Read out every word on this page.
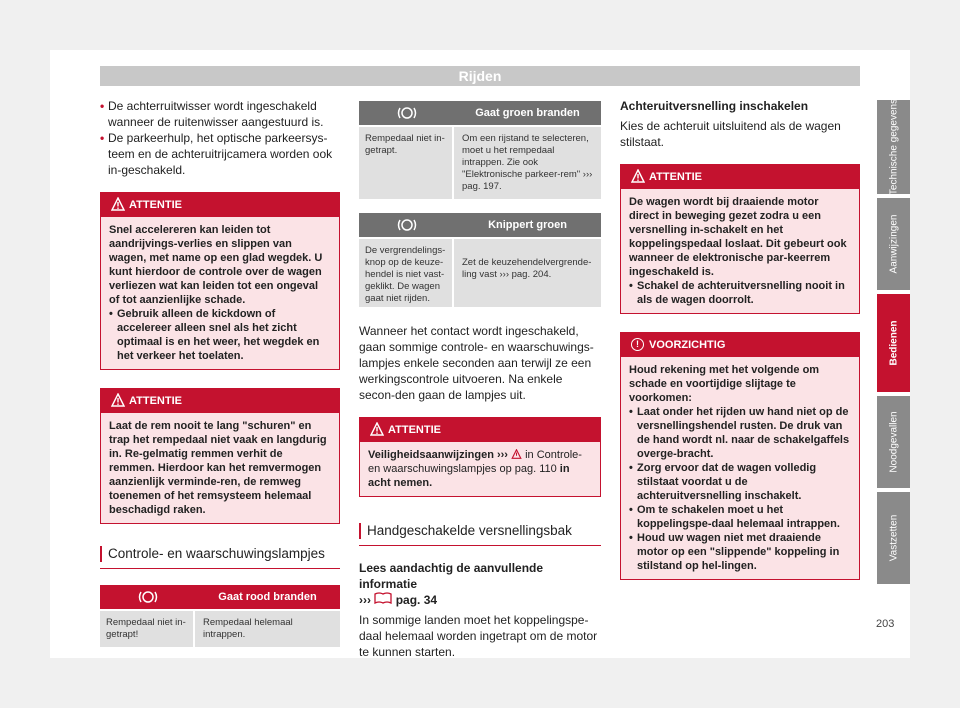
Rijden

• De achterruitwisser wordt ingeschakeld wanneer de ruitenwisser aangestuurd is.

• De parkeerhulp, het optische parkeersys-teem en de achteruitrijcamera worden ook in-geschakeld.

ATTENTIE

Snel accelereren kan leiden tot aandrijvings-verlies en slippen van wagen, met name op een glad wegdek. U kunt hierdoor de controle over de wagen verliezen wat kan leiden tot een ongeval of tot aanzienlijke schade.

• Gebruik alleen de kickdown of accelereer alleen snel als het zicht optimaal is en het weer, het wegdek en het verkeer het toelaten.

ATTENTIE

Laat de rem nooit te lang "schuren" en trap het rempedaal niet vaak en langdurig in. Re-gelmatig remmen verhit de remmen. Hierdoor kan het remvermogen aanzienlijk verminde-ren, de remweg toenemen of het remsysteem helemaal beschadigd raken.

Controle- en waarschuwingslampjes
Gaat rood branden
Rempedaal niet in-getrapt!
Rempedaal helemaal intrappen.
Gaat groen branden
Rempedaal niet in-getrapt.
Om een rijstand te selecteren, moet u het rempedaal intrappen. Zie ook "Elektronische parkeer-rem" ››› pag. 197.
Knippert groen
De vergrendelings-knop op de keuze-hendel is niet vast-geklikt. De wagen gaat niet rijden.
Zet de keuzehendelvergrende-ling vast ››› pag. 204.

Wanneer het contact wordt ingeschakeld, gaan sommige controle- en waarschuwings-lampjes enkele seconden aan terwijl ze een werkingscontrole uitvoeren. Na enkele secon-den gaan de lampjes uit.

ATTENTIE

Veiligheidsaanwijzingen ›››  in Controle- en waarschuwingslampjes op pag. 110 in acht nemen.

Handgeschakelde versnellingsbak

Lees aandachtig de aanvullende informatie
››› pag. 34

In sommige landen moet het koppelingspe-daal helemaal worden ingetrapt om de motor te kunnen starten.

Achteruitversnelling inschakelen

Kies de achteruit uitsluitend als de wagen stilstaat.

ATTENTIE

De wagen wordt bij draaiende motor direct in beweging gezet zodra u een versnelling in-schakelt en het koppelingspedaal loslaat. Dit gebeurt ook wanneer de elektronische par-keerrem ingeschakeld is.

• Schakel de achteruitversnelling nooit in als de wagen doorrolt.

! VOORZICHTIG

Houd rekening met het volgende om schade en voortijdige slijtage te voorkomen:

• Laat onder het rijden uw hand niet op de versnellingshendel rusten. De druk van de hand wordt nl. naar de schakelgaffels overge-bracht.

• Zorg ervoor dat de wagen volledig stilstaat voordat u de achteruitversnelling inschakelt.

• Om te schakelen moet u het koppelingspe-daal helemaal intrappen.

• Houd uw wagen niet met draaiende motor op een "slippende" koppeling in stilstand op hel-lingen.

Technische gegevens
Aanwijzingen
Bedienen
Noodgevallen
Vastzetten
203
